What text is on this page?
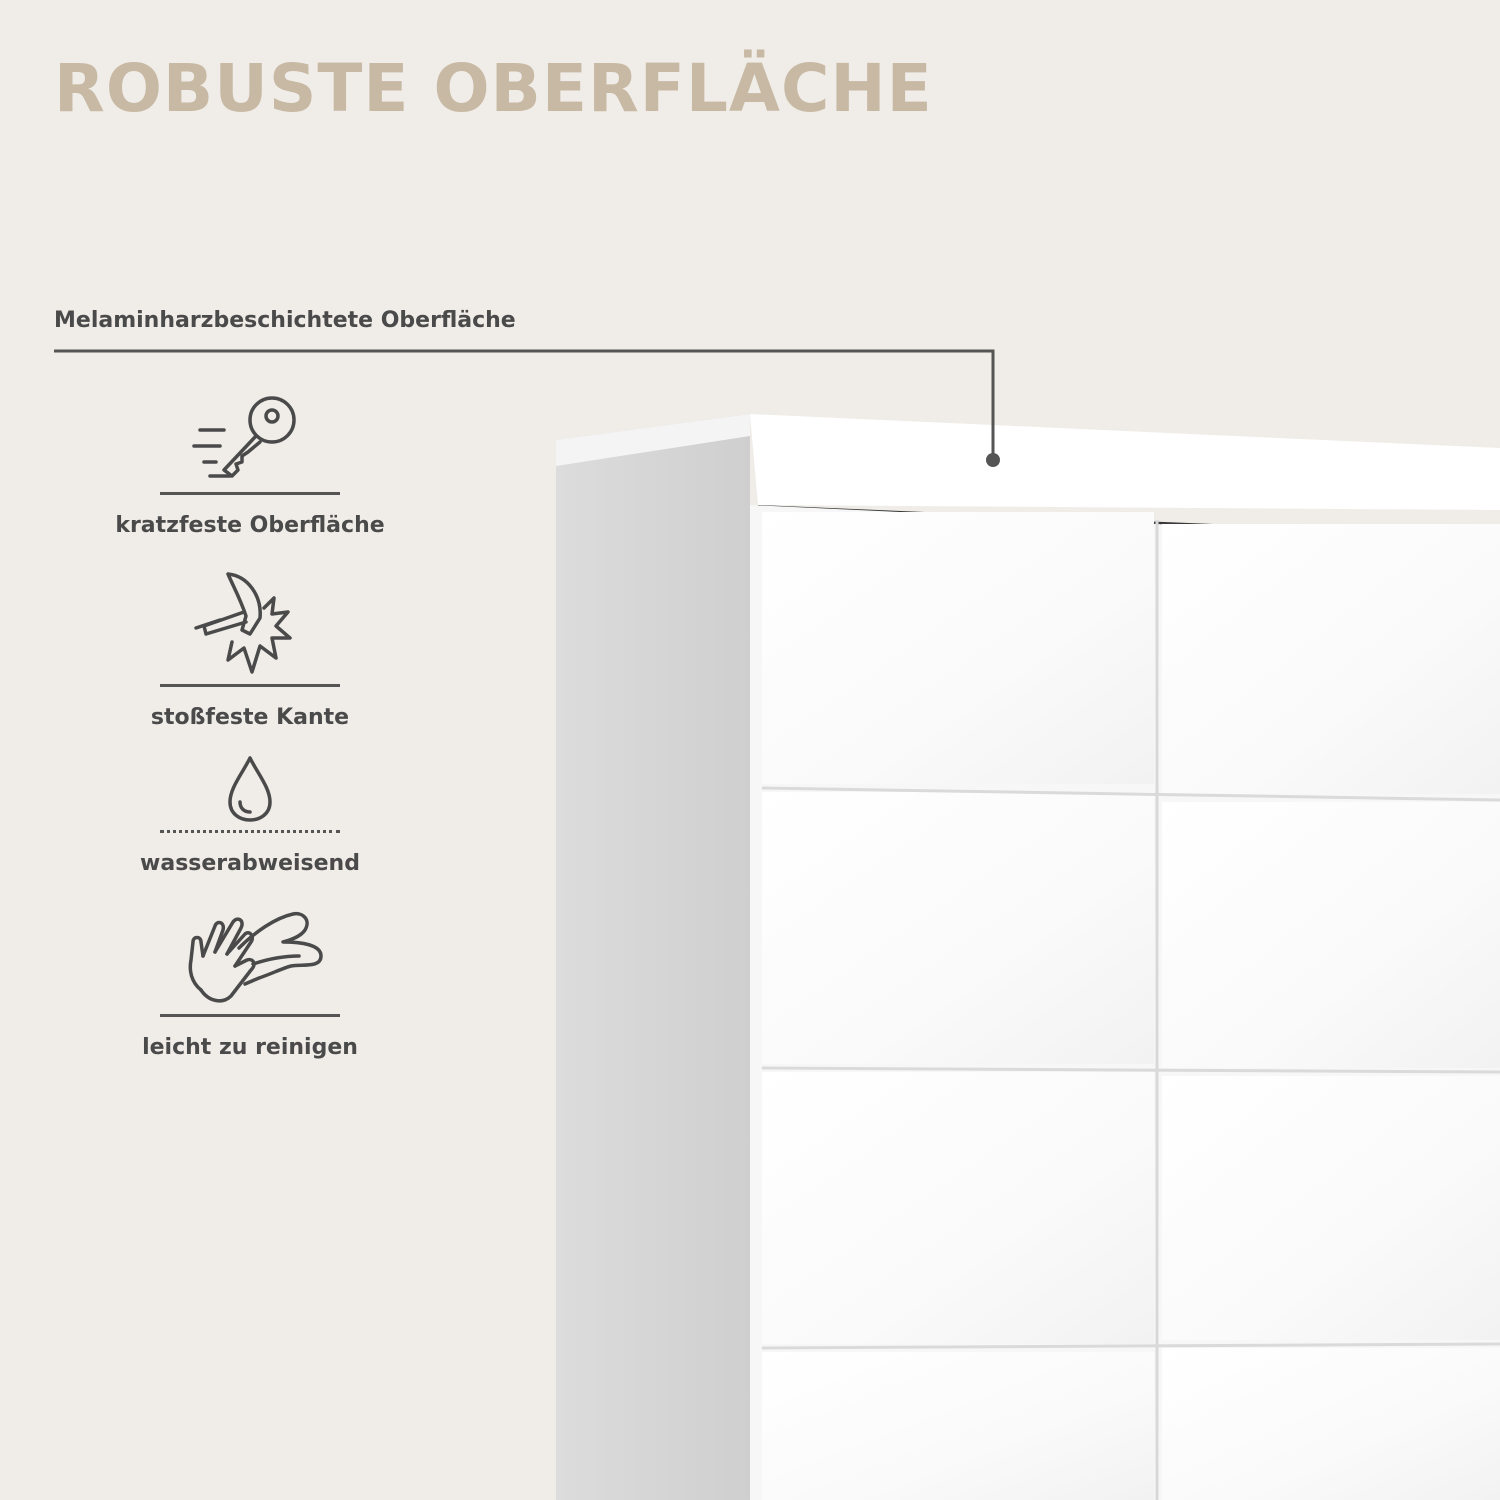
ROBUSTE OBERFLÄCHE
Melaminharzbeschichtete Oberfläche
kratzfeste Oberfläche
stoßfeste Kante
wasserabweisend
leicht zu reinigen
